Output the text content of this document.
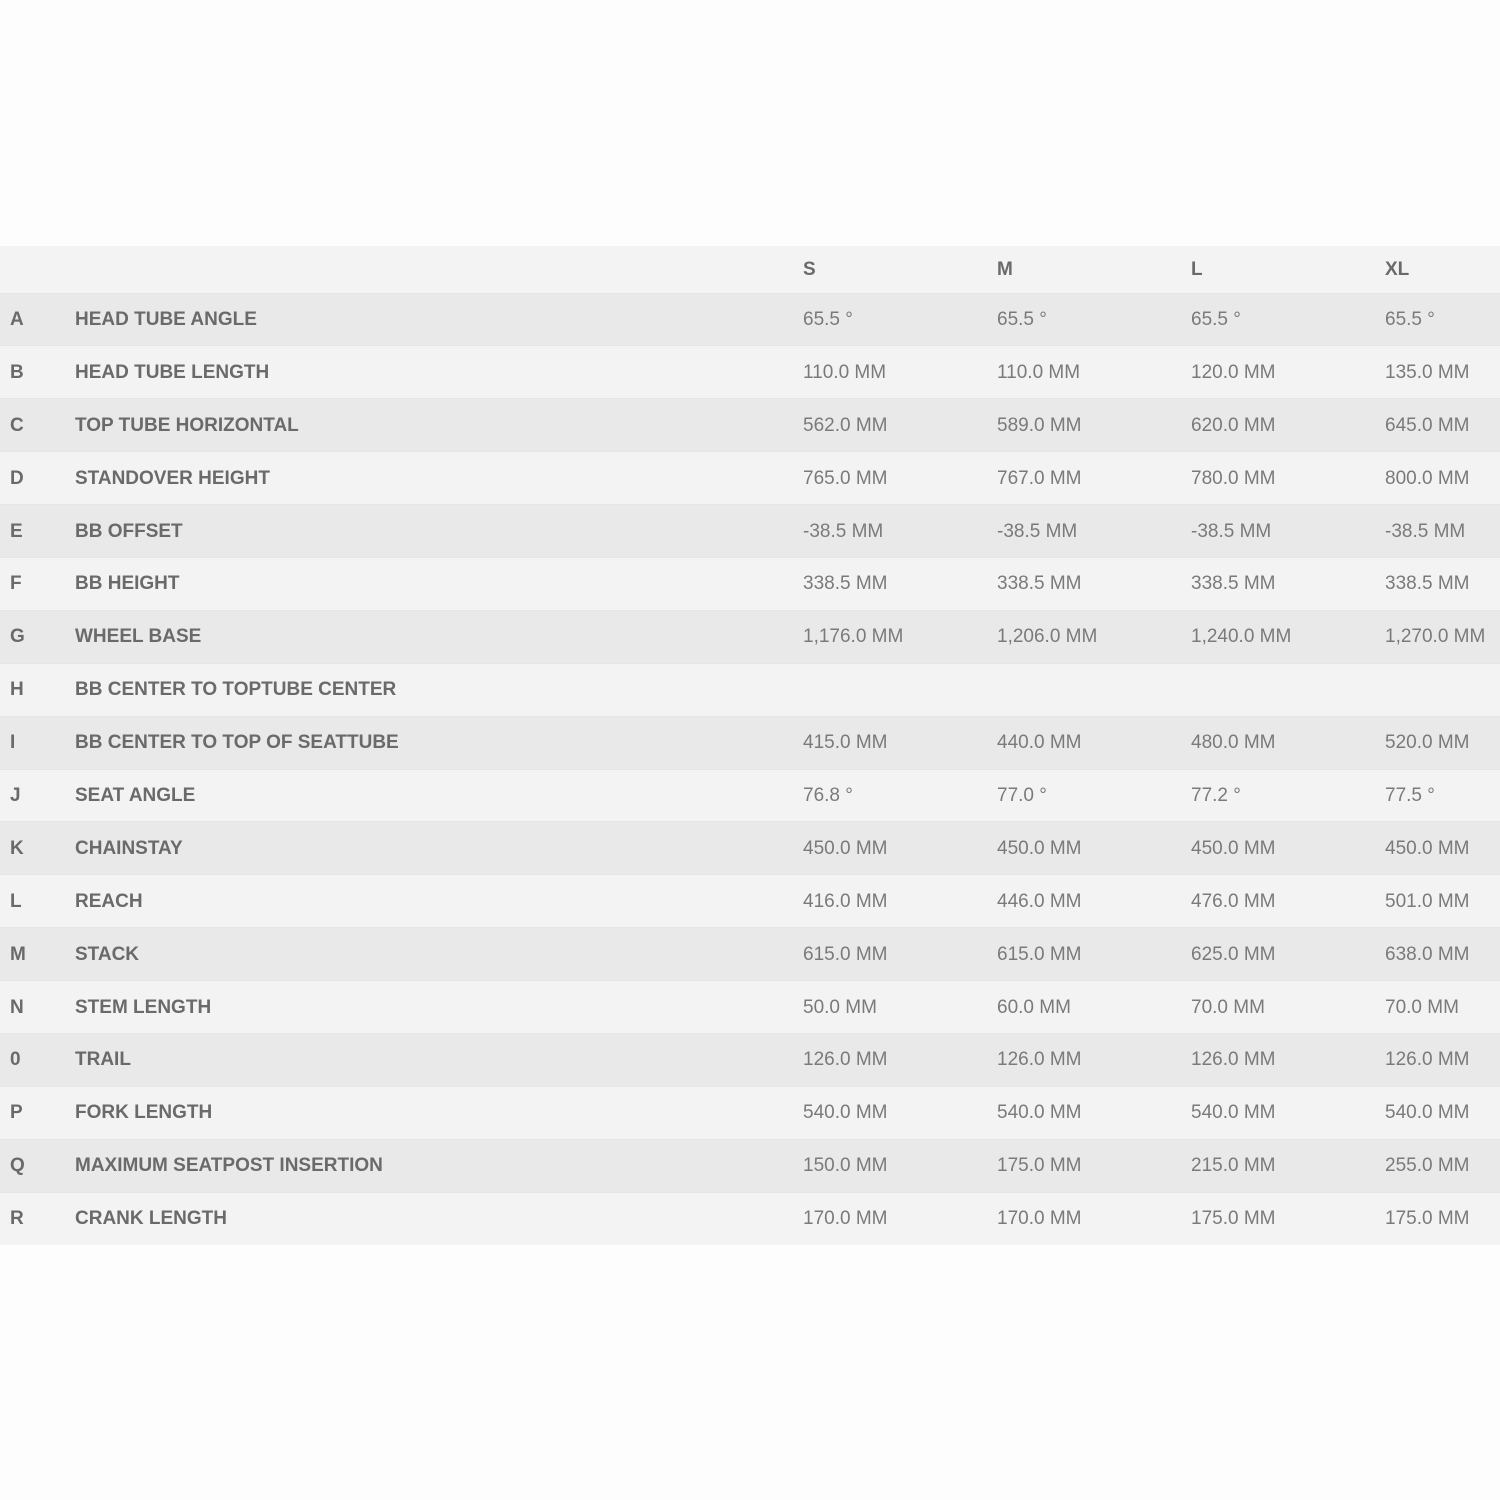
		S	M	L	XL
A	HEAD TUBE ANGLE	65.5 °	65.5 °	65.5 °	65.5 °
B	HEAD TUBE LENGTH	110.0 MM	110.0 MM	120.0 MM	135.0 MM
C	TOP TUBE HORIZONTAL	562.0 MM	589.0 MM	620.0 MM	645.0 MM
D	STANDOVER HEIGHT	765.0 MM	767.0 MM	780.0 MM	800.0 MM
E	BB OFFSET	-38.5 MM	-38.5 MM	-38.5 MM	-38.5 MM
F	BB HEIGHT	338.5 MM	338.5 MM	338.5 MM	338.5 MM
G	WHEEL BASE	1,176.0 MM	1,206.0 MM	1,240.0 MM	1,270.0 MM
H	BB CENTER TO TOPTUBE CENTER				
I	BB CENTER TO TOP OF SEATTUBE	415.0 MM	440.0 MM	480.0 MM	520.0 MM
J	SEAT ANGLE	76.8 °	77.0 °	77.2 °	77.5 °
K	CHAINSTAY	450.0 MM	450.0 MM	450.0 MM	450.0 MM
L	REACH	416.0 MM	446.0 MM	476.0 MM	501.0 MM
M	STACK	615.0 MM	615.0 MM	625.0 MM	638.0 MM
N	STEM LENGTH	50.0 MM	60.0 MM	70.0 MM	70.0 MM
0	TRAIL	126.0 MM	126.0 MM	126.0 MM	126.0 MM
P	FORK LENGTH	540.0 MM	540.0 MM	540.0 MM	540.0 MM
Q	MAXIMUM SEATPOST INSERTION	150.0 MM	175.0 MM	215.0 MM	255.0 MM
R	CRANK LENGTH	170.0 MM	170.0 MM	175.0 MM	175.0 MM
